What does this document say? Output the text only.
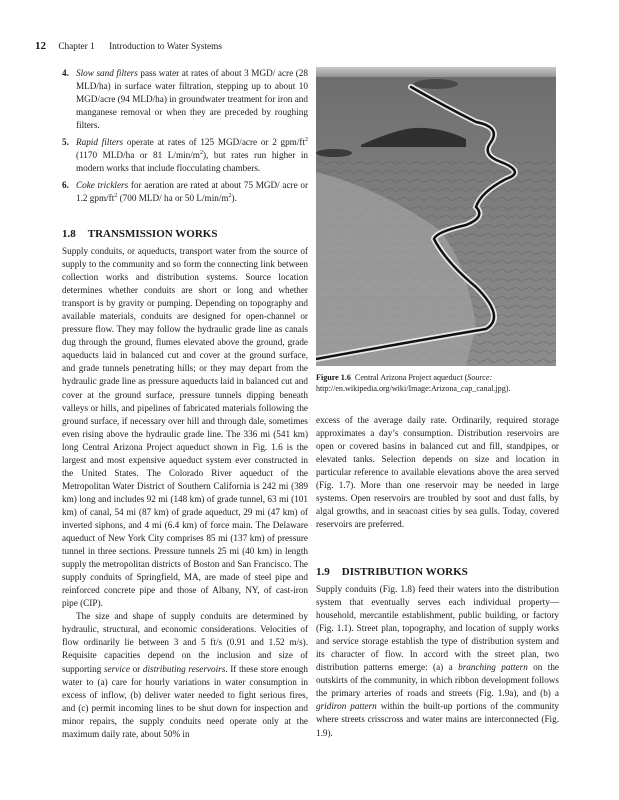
12 Chapter 1 Introduction to Water Systems
4. Slow sand filters pass water at rates of about 3 MGD/ acre (28 MLD/ha) in surface water filtration, stepping up to about 10 MGD/acre (94 MLD/ha) in groundwater treatment for iron and manganese removal or when they are preceded by roughing filters.
5. Rapid filters operate at rates of 125 MGD/acre or 2 gpm/$ft^2$ (1170 MLD/ha or 81 $L/\min/m^2$), but rates run higher in modern works that include flocculating chambers.
6. Coke tricklers for aeration are rated at about 75 MGD/ acre or 1.2 gpm/$ft^2$ (700 MLD/ ha or 50 $L/\min/m^2$).
1.8 TRANSMISSION WORKS

Supply conduits, or aqueducts, transport water from the source of supply to the community and so form the connecting link between collection works and distribution systems. Source location determines whether conduits are short or long and whether transport is by gravity or pumping. Depending on topography and available materials, conduits are designed for open-channel or pressure flow. They may follow the hydraulic grade line as canals dug through the ground, flumes elevated above the ground, grade aqueducts laid in balanced cut and cover at the ground surface, and grade tunnels penetrating hills; or they may depart from the hydraulic grade line as pressure aqueducts laid in balanced cut and cover at the ground surface, pressure tunnels dipping beneath valleys or hills, and pipelines of fabricated materials following the ground surface, if necessary over hill and through dale, sometimes even rising above the hydraulic grade line. The 336 mi (541 km) long Central Arizona Project aqueduct shown in Fig. 1.6 is the largest and most expensive aqueduct system ever constructed in the United States. The Colorado River aqueduct of the Metropolitan Water District of Southern California is 242 mi (389 km) long and includes 92 mi (148 km) of grade tunnel, 63 mi (101 km) of canal, 54 mi (87 km) of grade aqueduct, 29 mi (47 km) of inverted siphons, and 4 mi (6.4 km) of force main. The Delaware aqueduct of New York City comprises 85 mi (137 km) of pressure tunnel in three sections. Pressure tunnels 25 mi (40 km) in length supply the metropolitan districts of Boston and San Francisco. The supply conduits of Springfield, MA, are made of steel pipe and reinforced concrete pipe and those of Albany, NY, of cast-iron pipe (CIP).

The size and shape of supply conduits are determined by hydraulic, structural, and economic considerations. Velocities of flow ordinarily lie between 3 and 5 ft/s (0.91 and 1.52 m/s). Requisite capacities depend on the inclusion and size of supporting service or distributing reservoirs. If these store enough water to (a) care for hourly variations in water consumption in excess of inflow, (b) deliver water needed to fight serious fires, and (c) permit incoming lines to be shut down for inspection and minor repairs, the supply conduits need operate only at the maximum daily rate, about 50% in

Figure 1.6 Central Arizona Project aqueduct (Source: http://en.wikipedia.org/wiki/Image:Arizona_cap_canal.jpg).

excess of the average daily rate. Ordinarily, required storage approximates a day’s consumption. Distribution reservoirs are open or covered basins in balanced cut and fill, standpipes, or elevated tanks. Selection depends on size and location in particular reference to available elevations above the area served (Fig. 1.7). More than one reservoir may be needed in large systems. Open reservoirs are troubled by soot and dust falls, by algal growths, and in seacoast cities by sea gulls. Today, covered reservoirs are preferred.

1.9 DISTRIBUTION WORKS

Supply conduits (Fig. 1.8) feed their waters into the distribution system that eventually serves each individual property—household, mercantile establishment, public building, or factory (Fig. 1.1). Street plan, topography, and location of supply works and service storage establish the type of distribution system and its character of flow. In accord with the street plan, two distribution patterns emerge: (a) a branching pattern on the outskirts of the community, in which ribbon development follows the primary arteries of roads and streets (Fig. 1.9a), and (b) a gridiron pattern within the built-up portions of the community where streets crisscross and water mains are interconnected (Fig. 1.9).
